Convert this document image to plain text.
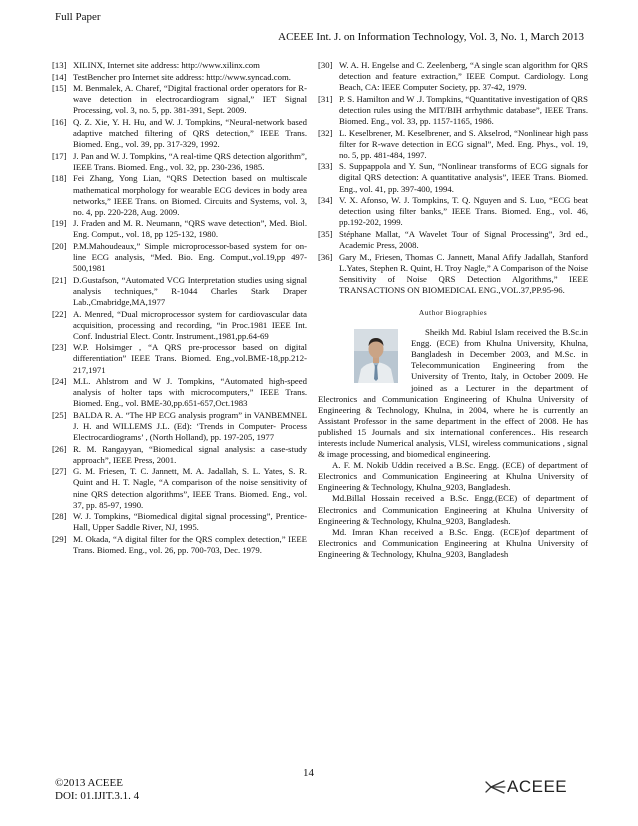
Full Paper
ACEEE Int. J. on Information Technology, Vol. 3, No. 1, March 2013
[13] XILINX, Internet site address: http://www.xilinx.com
[14] TestBencher pro Internet site address: http://www.syncad.com.
[15] M. Benmalek, A. Charef, “Digital fractional order operators for R-wave detection in electrocardiogram signal,” IET Signal Processing, vol. 3, no. 5, pp. 381-391, Sept. 2009.
[16] Q. Z. Xie, Y. H. Hu, and W. J. Tompkins, “Neural-network based adaptive matched filtering of QRS detection,” IEEE Trans. Biomed. Eng., vol. 39, pp. 317-329, 1992.
[17] J. Pan and W. J. Tompkins, “A real-time QRS detection algorithm”, IEEE Trans. Biomed. Eng., vol. 32, pp. 230-236, 1985.
[18] Fei Zhang, Yong Lian, “QRS Detection based on multiscale mathematical morphology for wearable ECG devices in body area networks,” IEEE Trans. on Biomed. Circuits and Systems, vol. 3, no. 4, pp. 220-228, Aug. 2009.
[19] J. Fraden and M. R. Neumann, “QRS wave detection”, Med. Biol. Eng. Comput., vol. 18, pp 125-132, 1980.
[20] P.M.Mahoudeaux,” Simple microprocessor-based system for on-line ECG analysis, “Med. Bio. Eng. Comput.,vol.19,pp 497-500,1981
[21] D.Gustafson, “Automated VCG Interpretation studies using signal analysis techniques,” R-1044 Charles Stark Draper Lab.,Cmabridge,MA,1977
[22] A. Menred, “Dual microprocessor system for cardiovascular data acquisition, processing and recording, “in Proc.1981 IEEE Int. Conf. Industrial Elect. Contr. Instrument.,1981,pp.64-69
[23] W.P. Holsimger , “A QRS pre-processor based on digital differentiation” IEEE Trans. Biomed. Eng.,vol.BME-18,pp.212-217,1971
[24] M.L. Ahlstrom and W J. Tompkins, “Automated high-speed analysis of holter taps with microcomputers,” IEEE Trans. Biomed. Eng., vol. BME-30,pp.651-657,Oct.1983
[25] BALDA R. A. “The HP ECG analysis program” in VANBEMNEL J. H. and WILLEMS J.L. (Ed): ‘Trends in Computer- Process Electrocardiograms’ , (North Holland), pp. 197-205, 1977
[26] R. M. Rangayyan, “Biomedical signal analysis: a case-study approach”, IEEE Press, 2001.
[27] G. M. Friesen, T. C. Jannett, M. A. Jadallah, S. L. Yates, S. R. Quint and H. T. Nagle, “A comparison of the noise sensitivity of nine QRS detection algorithms”, IEEE Trans. Biomed. Eng., vol. 37, pp. 85-97, 1990.
[28] W. J. Tompkins, “Biomedical digital signal processing”, Prentice-Hall, Upper Saddle River, NJ, 1995.
[29] M. Okada, “A digital filter for the QRS complex detection,” IEEE Trans. Biomed. Eng., vol. 26, pp. 700-703, Dec. 1979.
[30] W. A. H. Engelse and C. Zeelenberg, “A single scan algorithm for QRS detection and feature extraction,” IEEE Comput. Cardiology. Long Beach, CA: IEEE Computer Society, pp. 37-42, 1979.
[31] P. S. Hamilton and W .J. Tompkins, “Quantitative investigation of QRS detection rules using the MIT/BIH arrhythmic database”, IEEE Trans. Biomed. Eng., vol. 33, pp. 1157-1165, 1986.
[32] L. Keselbrener, M. Keselbrener, and S. Akselrod, “Nonlinear high pass filter for R-wave detection in ECG signal”, Med. Eng. Phys., vol. 19, no. 5, pp. 481-484, 1997.
[33] S. Suppappola and Y. Sun, “Nonlinear transforms of ECG signals for digital QRS detection: A quantitative analysis”, IEEE Trans. Biomed. Eng., vol. 41, pp. 397-400, 1994.
[34] V. X. Afonso, W. J. Tompkins, T. Q. Nguyen and S. Luo, “ECG beat detection using filter banks,” IEEE Trans. Biomed. Eng., vol. 46, pp.192-202, 1999.
[35] Stéphane Mallat, “A Wavelet Tour of Signal Processing”, 3rd ed., Academic Press, 2008.
[36] Gary M., Friesen, Thomas C. Jannett, Manal Afify Jadallah, Stanford L.Yates, Stephen R. Quint, H. Troy Nagle,” A Comparison of the Noise Sensitivity of Noise QRS Detection Algorithms,” IEEE TRANSACTIONS ON BIOMEDICAL ENG.,VOL.37,PP.95-96.
Author Biographies

Sheikh Md. Rabiul Islam received the B.Sc.in Engg. (ECE) from Khulna University, Khulna, Bangladesh in December 2003, and M.Sc. in Telecommunication Engineering from the University of Trento, Italy, in October 2009. He joined as a Lecturer in the department of Electronics and Communication Engineering of Khulna University of Engineering & Technology, Khulna, in 2004, where he is currently an Assistant Professor in the same department in the effect of 2008. He has published 15 Journals and six international conferences.. His research interests include Numerical analysis, VLSI, wireless communications , signal & image processing, and biomedical engineering.

A. F. M. Nokib Uddin received a B.Sc. Engg. (ECE) of department of Electronics and Communication Engineering at Khulna University of Engineering & Technology, Khulna_9203, Bangladesh.

Md.Billal Hossain received a B.Sc. Engg.(ECE) of department of Electronics and Communication Engineering at Khulna University of Engineering & Technology, Khulna_9203, Bangladesh.

Md. Imran Khan received a B.Sc. Engg. (ECE)of department of Electronics and Communication Engineering at Khulna University of Engineering & Technology, Khulna_9203, Bangladesh

©2013 ACEEE
DOI: 01.IJIT.3.1. 4
14
ACEEE
